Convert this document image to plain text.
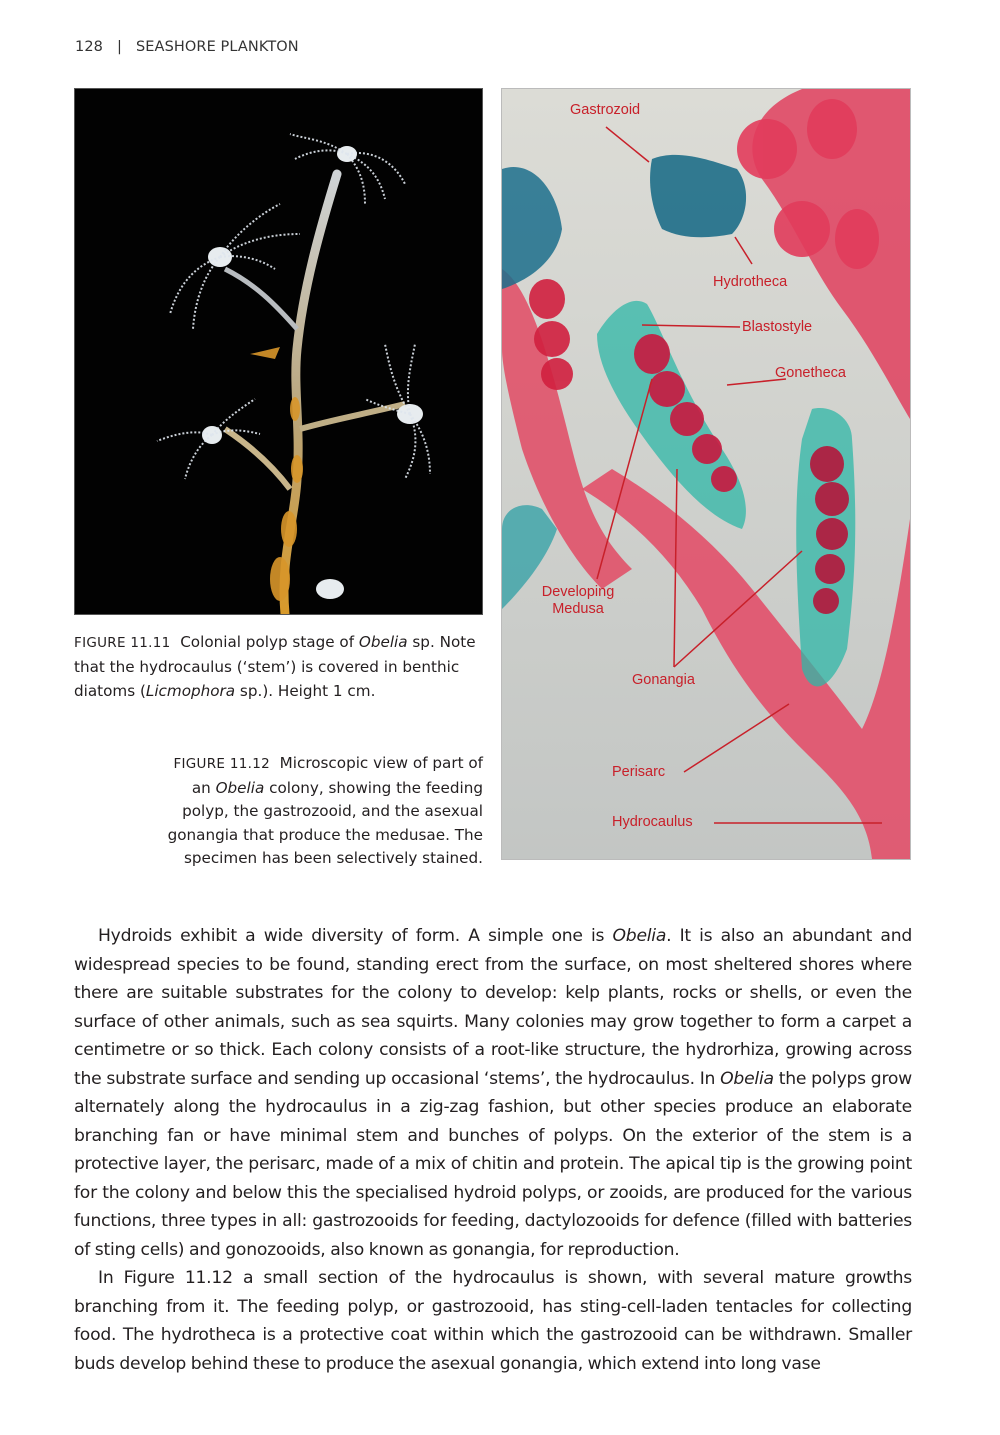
128 | SEASHORE PLANKTON
FIGURE 11.11 Colonial polyp stage of Obelia sp. Note that the hydrocaulus (‘stem’) is covered in benthic diatoms (Licmophora sp.). Height 1 cm.
FIGURE 11.12 Microscopic view of part of an Obelia colony, showing the feeding polyp, the gastrozooid, and the asexual gonangia that produce the medusae. The specimen has been selectively stained.
Gastrozoid
Hydrotheca
Blastostyle
Gonetheca
Developing
Medusa
Gonangia
Perisarc
Hydrocaulus

Hydroids exhibit a wide diversity of form. A simple one is Obelia. It is also an abundant and widespread species to be found, standing erect from the surface, on most sheltered shores where there are suitable substrates for the colony to develop: kelp plants, rocks or shells, or even the surface of other animals, such as sea squirts. Many colonies may grow together to form a carpet a centimetre or so thick. Each colony consists of a root-like structure, the hydrorhiza, growing across the substrate surface and sending up occasional ‘stems’, the hydrocaulus. In Obelia the polyps grow alternately along the hydrocaulus in a zig-zag fashion, but other species produce an elaborate branching fan or have minimal stem and bunches of polyps. On the exterior of the stem is a protective layer, the perisarc, made of a mix of chitin and protein. The apical tip is the growing point for the colony and below this the specialised hydroid polyps, or zooids, are produced for the various functions, three types in all: gastrozooids for feeding, dactylozooids for defence (filled with batteries of sting cells) and gonozooids, also known as gonangia, for reproduction.

In Figure 11.12 a small section of the hydrocaulus is shown, with several mature growths branching from it. The feeding polyp, or gastrozooid, has sting-cell-laden tentacles for collecting food. The hydrotheca is a protective coat within which the gastrozooid can be withdrawn. Smaller buds develop behind these to produce the asexual gonangia, which extend into long vase
